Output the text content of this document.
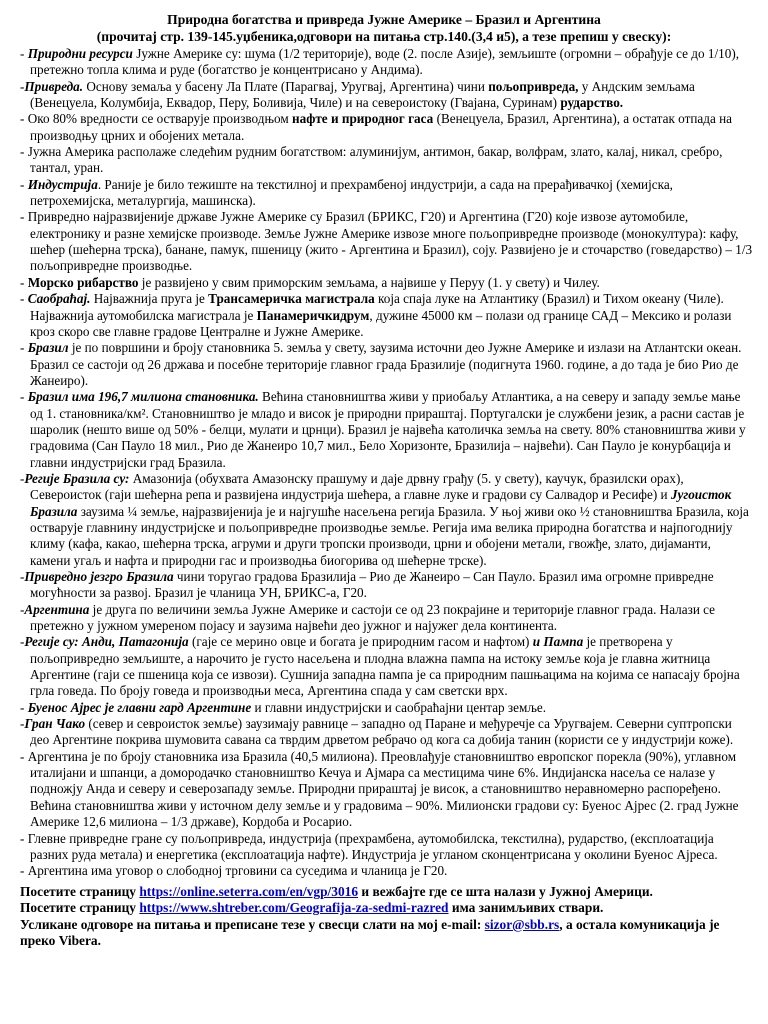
Природна богатства и привреда Јужне Америке – Бразил и Аргентина
(прочитај стр. 139-145.уџбеника,одговори на питања стр.140.(3,4 и5), а тезе препиш у свеску):
- Природни ресурси Јужне Америке су: шума (1/2 територије), воде (2. после Азије), земљиште (огромни – обрађује се до 1/10), претежно топла клима и руде (богатство је концентрисано у Андима).
-Привреда. Основу земаља у басену Ла Плате (Парагвај, Уругвај, Аргентина) чини пољопривреда, у Андским земљама (Венецуела, Колумбија, Еквадор, Перу, Боливија, Чиле) и на североистоку (Гвајана, Суринам) рударство.
- Око 80% вредности се остварује производњом нафте и природног гаса (Венецуела, Бразил, Аргентина), а остатак отпада на производњу црних и обојених метала.
- Јужна Америка располаже следећим рудним богатством: алуминијум, антимон, бакар, волфрам, злато, калај, никал, сребро, тантал, уран.
- Индустрија. Раније је било тежиште на текстилној и прехрамбеној индустрији, а сада на прерађивачкој (хемијска, петрохемијска, металургија, машинска).
- Привредно најразвијеније државе Јужне Америке су Бразил (БРИКС, Г20) и Аргентина (Г20) које извозе аутомобиле, електронику и разне хемијске производе. Земље Јужне Америке извозе многе пољопривредне производе (монокултура): кафу, шећер (шећерна трска), банане, памук, пшеницу (жито - Аргентина и Бразил), соју. Развијено је и сточарство (говедарство) – 1/3 пољопривредне производње.
- Морско рибарство је развијено у свим приморским земљама, а највише у Перуу (1. у свету) и Чилеу.
- Саобраћај. Најважнија пруга је Трансамеричка магистрала која спаја луке на Атлантику (Бразил) и Тихом океану (Чиле). Најважнија аутомобилска магистрала је Панамеричкидрум, дужине 45000 км – полази од границе САД – Мексико и ролази кроз скоро све главне градове Централне и Јужне Америке.
- Бразил је по површини и броју становника 5. земља у свету, заузима источни део Јужне Америке и излази на Атлантски океан. Бразил се састоји од 26 држава и посебне територије главног града Бразилије (подигнута 1960. године, а до тада је био Рио де Жанеиро).
- Бразил има 196,7 милиона становника. Већина становништва живи у приобаљу Атлантика, а на северу и западу земље мање од 1. становника/км². Становништво је младо и висок је природни прираштај. Португалски је службени језик, а расни састав је шаролик (нешто више од 50% - белци, мулати и црнци). Бразил је највећа католичка земља на свету. 80% становништва живи у градовима (Сан Пауло 18 мил., Рио де Жанеиро 10,7 мил., Бело Хоризонте, Бразилија – највећи). Сан Пауло је конурбација и главни индустријски град Бразила.
-Регије Бразила су: Амазонија (обухвата Амазонску прашуму и даје дрвну грађу (5. у свету), каучук, бразилски орах), Североисток (гаји шећерна репа и развијена индустрија шећера, а главне луке и градови су Салвадор и Ресифе) и Југоисток Бразила заузима ¼ земље, најразвијенија је и најгушће насељена регија Бразила. У њој живи око ½ становништва Бразила, која остварује главнину индустријске и пољопривредне производње земље. Регија има велика природна богатства и најпогоднију климу (кафа, какао, шећерна трска, агруми и други тропски производи, црни и обојени метали, гвожђе, злато, дијаманти, камени угаљ и нафта и природни гас и производња биогорива од шећерне трске).
-Привредно језгро Бразила чини торугао градова Бразилија – Рио де Жанеиро – Сан Пауло. Бразил има огромне привредне могућности за развој. Бразил је чланица УН, БРИКС-а, Г20.
-Аргентина је друга по величини земља Јужне Америке и састоји се од 23 покрајине и територије главног града. Налази се претежно у јужном умереном појасу и заузима највећи део јужног и најужег дела континента.
-Регије су: Анди, Патагонија (гаје се мерино овце и богата је природним гасом и нафтом) и Пампа је претворена у пољопривредно земљиште, а нарочито је густо насељена и плодна влажна пампа на истоку земље која је главна житница Аргентине (гаји се пшеница која се извози). Сушнија западна пампа је са природним пашњацима на којима се напасају бројна грла говеда. По броју говеда и производњи меса, Аргентина спада у сам светски врх.
- Буенос Ајрес је главни гард Аргентине и главни индустријски и саобраћајни центар земље.
-Гран Чако (север и севроисток земље) заузимају равнице – западно од Паране и међуречје са Уругвајем. Северни суптропски део Аргентине покрива шумовита савана са тврдим дрветом ребрачо од кога са добија танин (користи се у индустрији коже).
- Аргентина је по броју становника иза Бразила (40,5 милиона). Преовлађује становништво европског порекла (90%), углавном италијани и шпанци, а домородачко становништво Кечуа и Ајмара са местицима чине 6%. Индијанска насеља се налазе у подножју Анда и северу и северозападу земље. Природни прираштај је висок, а становништво неравномерно распоређено. Већина становништва живи у источном делу земље и у градовима – 90%. Милионски градови су: Буенос Ајрес (2. град Јужне Америке 12,6 милиона – 1/3 државе), Кордоба и Росарио.
- Глевне привредне гране су пољопривреда, индустрија (прехрамбена, аутомобилска, текстилна), рударство, (експлоатација разних руда метала) и енергетика (експлоатација нафте). Индустрија је угланом сконцентрисана у околини Буенос Ајреса.
- Аргентина има уговор о слободној трговини са суседима и чланица је Г20.
Посетите страницу https://online.seterra.com/en/vgp/3016 и вежбајте где се шта налази у Јужној Америци.
Посетите страницу https://www.shtreber.com/Geografija-za-sedmi-razred има занимљивих ствари.
Усликане одговоре на питања и преписане тезе у свесци слати на мој e-mail: sizor@sbb.rs, а остала комуникација је преко Vibera.
